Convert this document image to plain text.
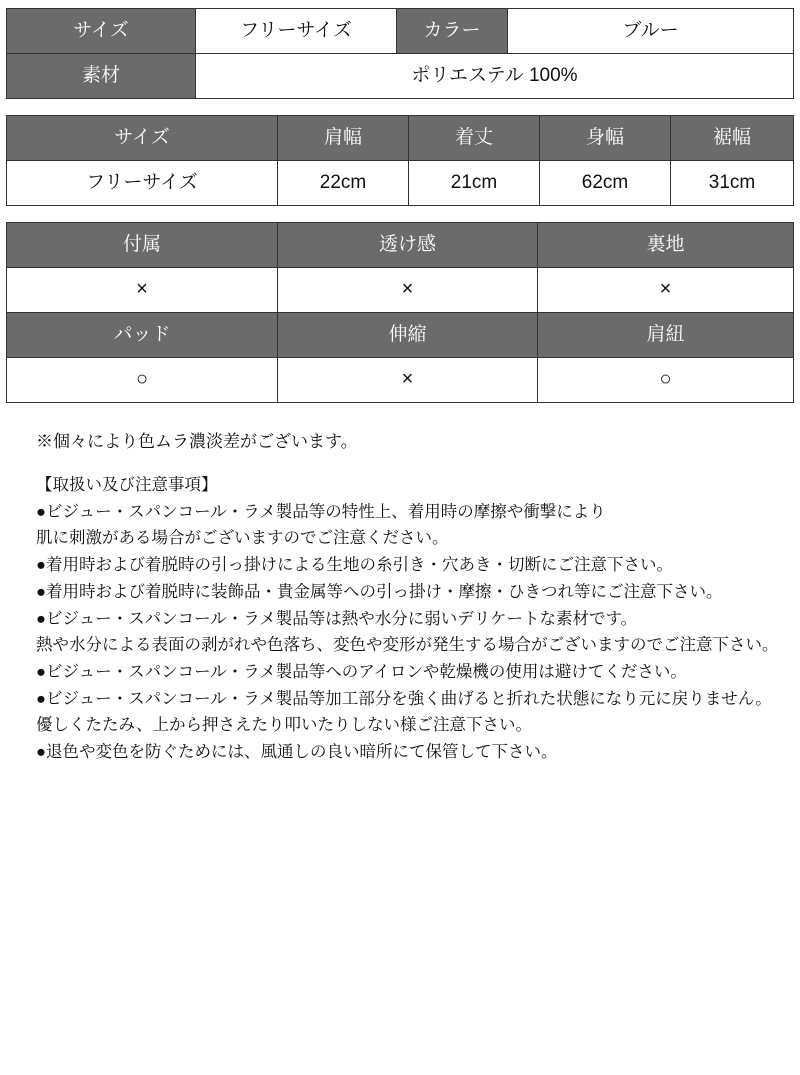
サイズ	フリーサイズ	カラー	ブルー
素材	ポリエステル 100%		
サイズ	肩幅	着丈	身幅	裾幅
フリーサイズ	22cm	21cm	62cm	31cm
付属	透け感	裏地
×	×	×
パッド	伸縮	肩紐
○	×	○
※個々により色ムラ濃淡差がございます。
【取扱い及び注意事項】
●ビジュー・スパンコール・ラメ製品等の特性上、着用時の摩擦や衝撃により
肌に刺激がある場合がございますのでご注意ください。
●着用時および着脱時の引っ掛けによる生地の糸引き・穴あき・切断にご注意下さい。
●着用時および着脱時に装飾品・貴金属等への引っ掛け・摩擦・ひきつれ等にご注意下さい。
●ビジュー・スパンコール・ラメ製品等は熱や水分に弱いデリケートな素材です。
熱や水分による表面の剥がれや色落ち、変色や変形が発生する場合がございますのでご注意下さい。
●ビジュー・スパンコール・ラメ製品等へのアイロンや乾燥機の使用は避けてください。
●ビジュー・スパンコール・ラメ製品等加工部分を強く曲げると折れた状態になり元に戻りません。
優しくたたみ、上から押さえたり叩いたりしない様ご注意下さい。
●退色や変色を防ぐためには、風通しの良い暗所にて保管して下さい。
